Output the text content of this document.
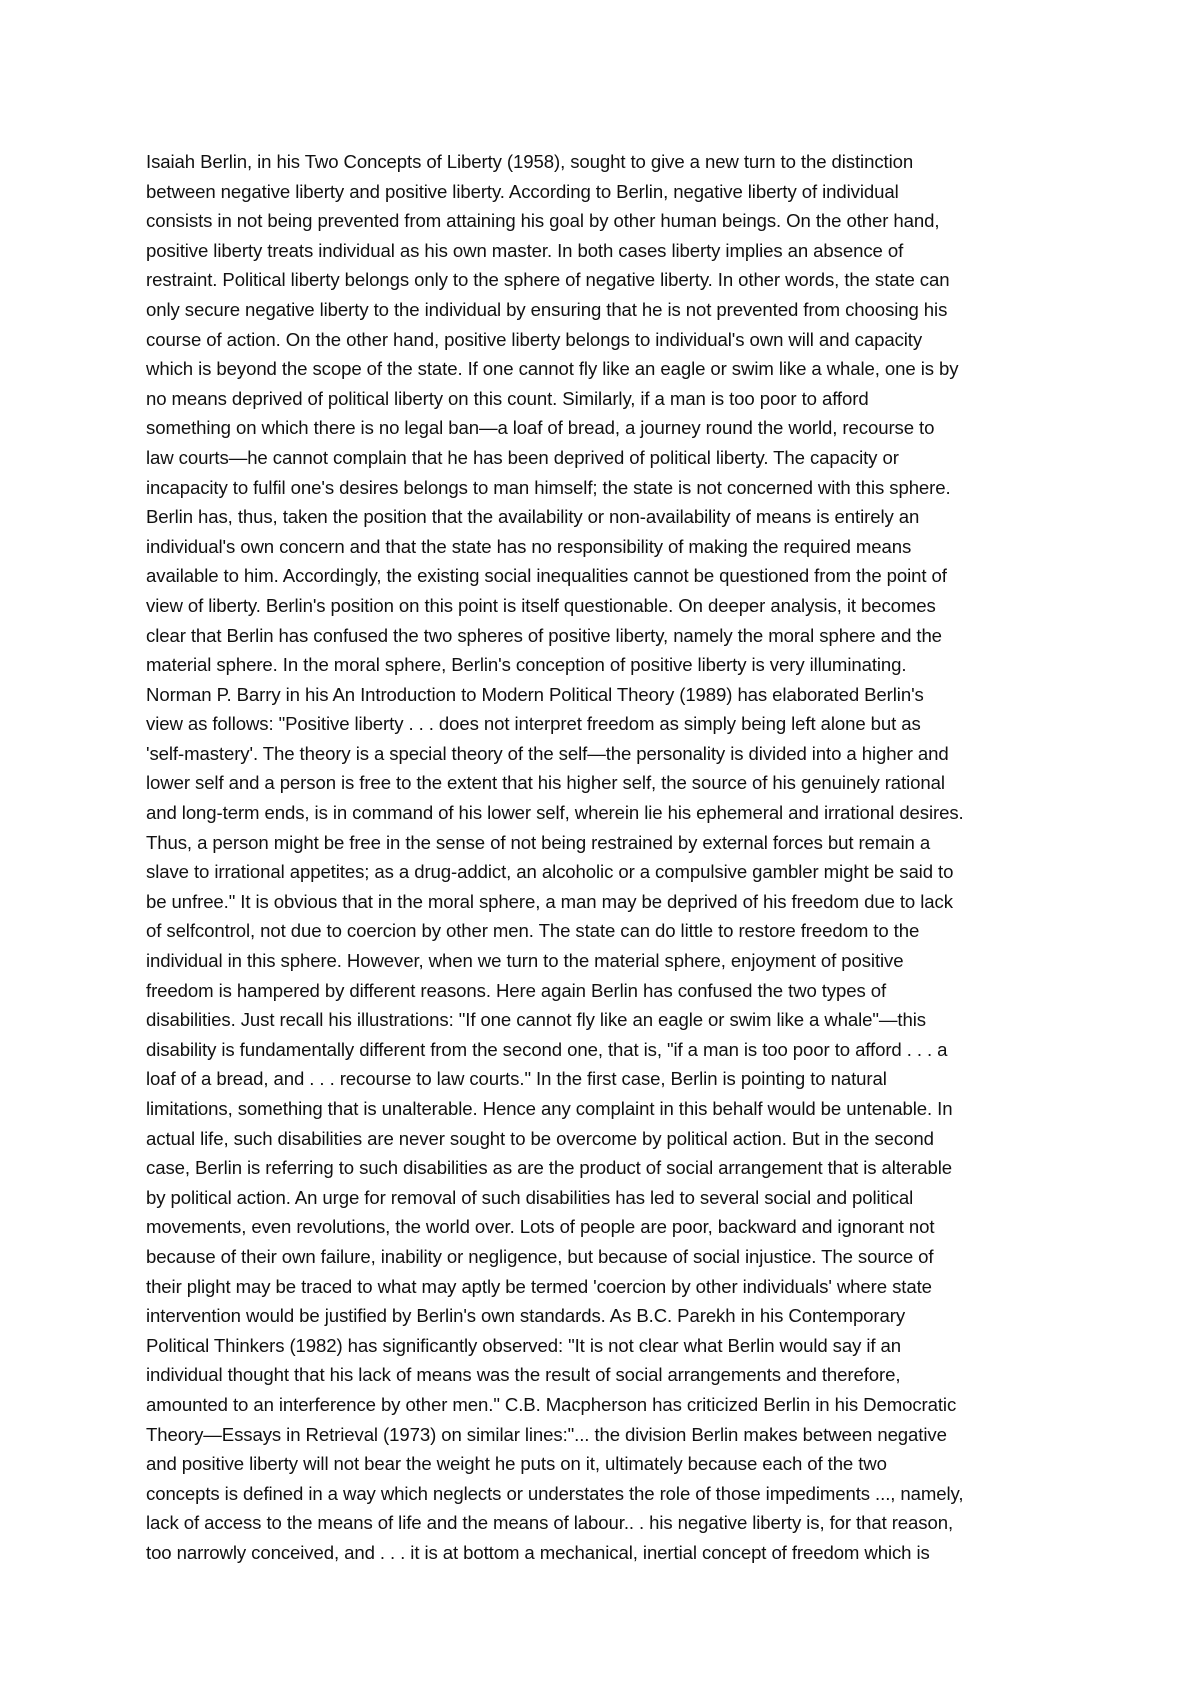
Isaiah Berlin, in his Two Concepts of Liberty (1958), sought to give a new turn to the distinction
between negative liberty and positive liberty. According to Berlin, negative liberty of individual
consists in not being prevented from attaining his goal by other human beings. On the other hand,
positive liberty treats individual as his own master. In both cases liberty implies an absence of
restraint. Political liberty belongs only to the sphere of negative liberty. In other words, the state can
only secure negative liberty to the individual by ensuring that he is not prevented from choosing his
course of action. On the other hand, positive liberty belongs to individual's own will and capacity
which is beyond the scope of the state. If one cannot fly like an eagle or swim like a whale, one is by
no means deprived of political liberty on this count. Similarly, if a man is too poor to afford
something on which there is no legal ban—a loaf of bread, a journey round the world, recourse to
law courts—he cannot complain that he has been deprived of political liberty. The capacity or
incapacity to fulfil one's desires belongs to man himself; the state is not concerned with this sphere.
Berlin has, thus, taken the position that the availability or non-availability of means is entirely an
individual's own concern and that the state has no responsibility of making the required means
available to him. Accordingly, the existing social inequalities cannot be questioned from the point of
view of liberty. Berlin's position on this point is itself questionable. On deeper analysis, it becomes
clear that Berlin has confused the two spheres of positive liberty, namely the moral sphere and the
material sphere. In the moral sphere, Berlin's conception of positive liberty is very illuminating.
Norman P. Barry in his An Introduction to Modern Political Theory (1989) has elaborated Berlin's
view as follows: "Positive liberty . . . does not interpret freedom as simply being left alone but as
'self-mastery'. The theory is a special theory of the self—the personality is divided into a higher and
lower self and a person is free to the extent that his higher self, the source of his genuinely rational
and long-term ends, is in command of his lower self, wherein lie his ephemeral and irrational desires.
Thus, a person might be free in the sense of not being restrained by external forces but remain a
slave to irrational appetites; as a drug-addict, an alcoholic or a compulsive gambler might be said to
be unfree." It is obvious that in the moral sphere, a man may be deprived of his freedom due to lack
of selfcontrol, not due to coercion by other men. The state can do little to restore freedom to the
individual in this sphere. However, when we turn to the material sphere, enjoyment of positive
freedom is hampered by different reasons. Here again Berlin has confused the two types of
disabilities. Just recall his illustrations: "If one cannot fly like an eagle or swim like a whale"—this
disability is fundamentally different from the second one, that is, "if a man is too poor to afford . . . a
loaf of a bread, and . . . recourse to law courts." In the first case, Berlin is pointing to natural
limitations, something that is unalterable. Hence any complaint in this behalf would be untenable. In
actual life, such disabilities are never sought to be overcome by political action. But in the second
case, Berlin is referring to such disabilities as are the product of social arrangement that is alterable
by political action. An urge for removal of such disabilities has led to several social and political
movements, even revolutions, the world over. Lots of people are poor, backward and ignorant not
because of their own failure, inability or negligence, but because of social injustice. The source of
their plight may be traced to what may aptly be termed 'coercion by other individuals' where state
intervention would be justified by Berlin's own standards. As B.C. Parekh in his Contemporary
Political Thinkers (1982) has significantly observed: "It is not clear what Berlin would say if an
individual thought that his lack of means was the result of social arrangements and therefore,
amounted to an interference by other men." C.B. Macpherson has criticized Berlin in his Democratic
Theory—Essays in Retrieval (1973) on similar lines:"... the division Berlin makes between negative
and positive liberty will not bear the weight he puts on it, ultimately because each of the two
concepts is defined in a way which neglects or understates the role of those impediments ..., namely,
lack of access to the means of life and the means of labour.. . his negative liberty is, for that reason,
too narrowly conceived, and . . . it is at bottom a mechanical, inertial concept of freedom which is
